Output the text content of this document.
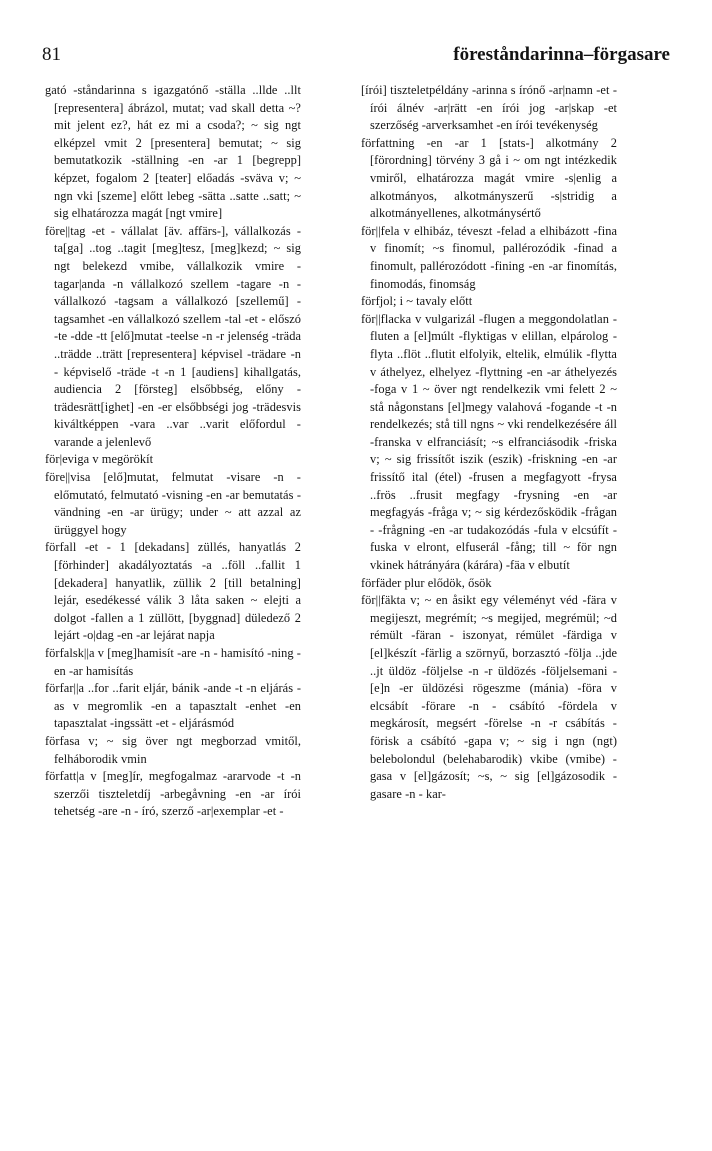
81	föreståndarinna–förgasare

gató -ståndarinna s igazgatónő -ställa ..llde ..llt [representera] ábrázol, mutat; vad skall detta ~? mit jelent ez?, hát ez mi a csoda?; ~ sig ngt elképzel vmit 2 [presentera] bemutat; ~ sig bemutatkozik -ställning -en -ar 1 [begrepp] képzet, fogalom 2 [teater] előadás -sväva v; ~ ngn vki [szeme] előtt lebeg -sätta ..satte ..satt; ~ sig elhatározza magát [ngt vmire]

före||tag -et - vállalat [äv. affärs-], vállalkozás -ta[ga] ..tog ..tagit [meg]tesz, [meg]kezd; ~ sig ngt belekezd vmibe, vállalkozik vmire -tagar|anda -n vállalkozó szellem -tagare -n - vállalkozó -tagsam a vállalkozó [szellemű] -tagsamhet -en vállalkozó szellem -tal -et - előszó -te -dde -tt [elő]mutat -teelse -n -r jelenség -träda ..trädde ..trätt [representera] képvisel -trädare -n - képviselő -träde -t -n 1 [audiens] kihallgatás, audiencia 2 [försteg] elsőbbség, előny -trädesrätt[ighet] -en -er elsőbbségi jog -trädesvis kiváltképpen -vara ..var ..varit előfordul -varande a jelenlevő

för|eviga v megörökít

före||visa [elő]mutat, felmutat -visare -n - előmutató, felmutató -visning -en -ar bemutatás -vändning -en -ar ürügy; under ~ att azzal az ürüggyel hogy

förfall -et - 1 [dekadans] züllés, hanyatlás 2 [förhinder] akadályoztatás -a ..föll ..fallit 1 [dekadera] hanyatlik, züllik 2 [till betalning] lejár, esedékessé válik 3 låta saken ~ elejti a dolgot -fallen a 1 züllött, [byggnad] düledező 2 lejárt -o|dag -en -ar lejárat napja

förfalsk||a v [meg]hamisít -are -n - hamisító -ning -en -ar hamisítás

förfar||a ..for ..farit eljár, bánik -ande -t -n eljárás -as v megromlik -en a tapasztalt -enhet -en tapasztalat -ingssätt -et - eljárásmód

förfasa v; ~ sig över ngt megborzad vmitől, felháborodik vmin

författ|a v [meg]ír, megfogalmaz -ararvode -t -n szerzői tiszteletdíj -arbegåvning -en -ar írói tehetség -are -n - író, szerző -ar|exemplar -et -

[írói] tiszteletpéldány -arinna s írónő -ar|namn -et - írói álnév -ar|rätt -en írói jog -ar|skap -et szerzőség -arverksamhet -en írói tevékenység

författning -en -ar 1 [stats-] alkotmány 2 [förordning] törvény 3 gå i ~ om ngt intézkedik vmiről, elhatározza magát vmire -s|enlig a alkotmányos, alkotmányszerű -s|stridig a alkotmányellenes, alkotmánysértő

för||fela v elhibáz, téveszt -felad a elhibázott -fina v finomít; ~s finomul, pallérozódik -finad a finomult, pallérozódott -fining -en -ar finomítás, finomodás, finomság

förfjol; i ~ tavaly előtt

för||flacka v vulgarizál -flugen a meggondolatlan -fluten a [el]múlt -flyktigas v elillan, elpárolog -flyta ..flöt ..flutit elfolyik, eltelik, elmúlik -flytta v áthelyez, elhelyez -flyttning -en -ar áthelyezés -foga v 1 ~ över ngt rendelkezik vmi felett 2 ~ stå någonstans [el]megy valahová -fogande -t -n rendelkezés; stå till ngns ~ vki rendelkezésére áll -franska v elfranciásít; ~s elfranciásodik -friska v; ~ sig frissítőt iszik (eszik) -friskning -en -ar frissítő ital (étel) -frusen a megfagyott -frysa ..frös ..frusit megfagy -frysning -en -ar megfagyás -fråga v; ~ sig kérdezősködik -frågan - -frågning -en -ar tudakozódás -fula v elcsúfít -fuska v elront, elfuserál -fång; till ~ för ngn vkinek hátrányára (kárára) -fäa v elbutít

förfäder plur elődök, ősök

för||fäkta v; ~ en åsikt egy véleményt véd -fära v megijeszt, megrémít; ~s megijed, megrémül; ~d rémült -färan - iszonyat, rémület -färdiga v [el]készít -färlig a szörnyű, borzasztó -följa ..jde ..jt üldöz -följelse -n -r üldözés -följelsemani -[e]n -er üldözési rögeszme (mánia) -föra v elcsábít -förare -n - csábító -fördela v megkárosít, megsért -förelse -n -r csábítás -förisk a csábító -gapa v; ~ sig i ngn (ngt) belebolondul (belehabarodik) vkibe (vmibe) -gasa v [el]gázosít; ~s, ~ sig [el]gázosodik -gasare -n - kar-
